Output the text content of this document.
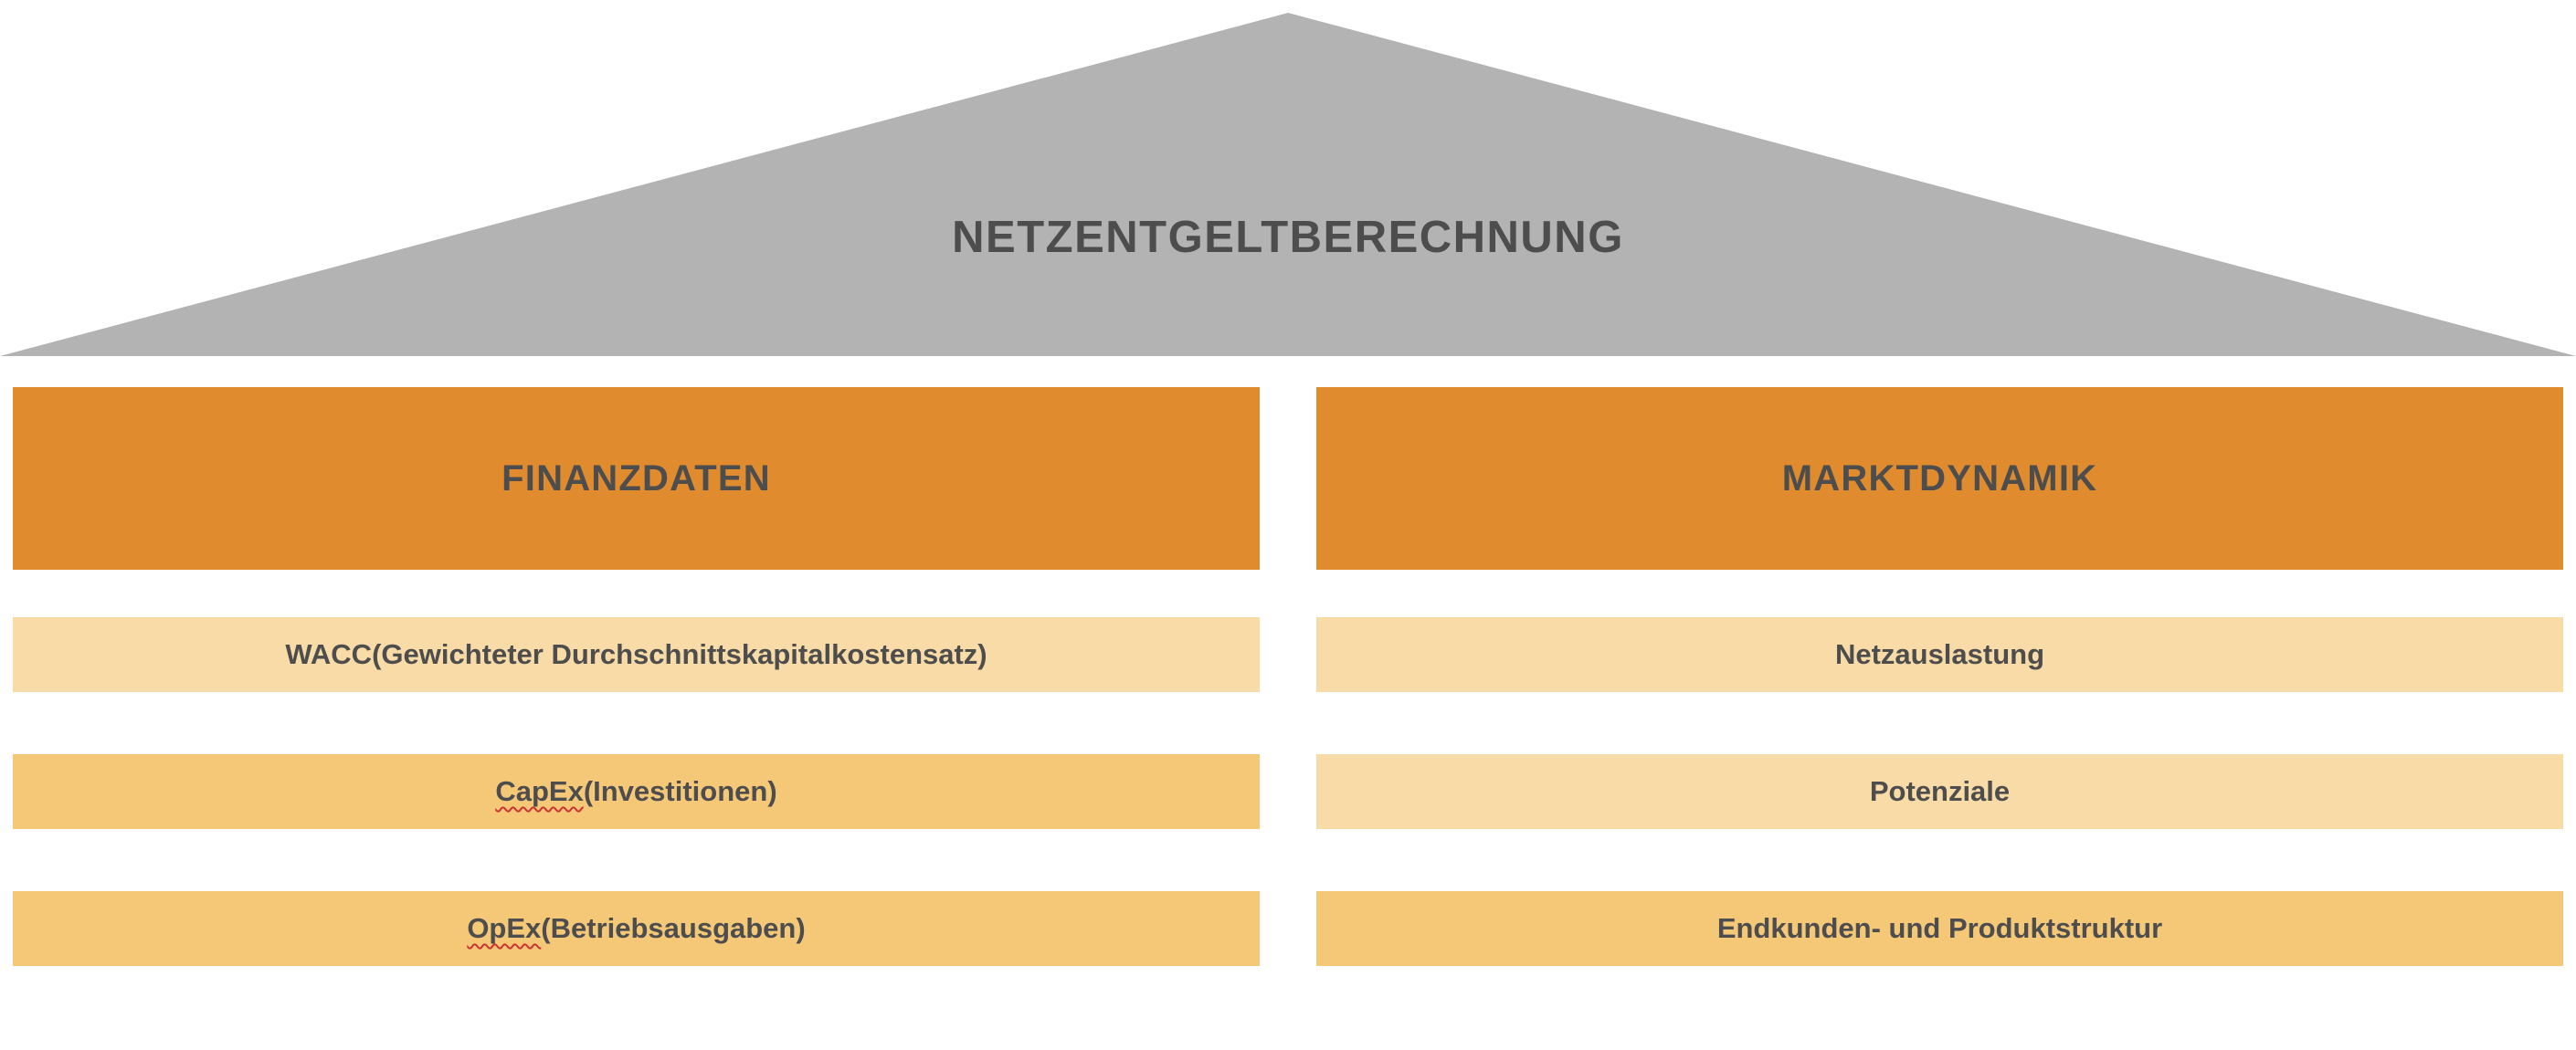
NETZENTGELTBERECHNUNG
FINANZDATEN
WACC (Gewichteter Durchschnittskapitalkostensatz)
CapEx (Investitionen)
OpEx (Betriebsausgaben)
MARKTDYNAMIK
Netzauslastung
Potenziale
Endkunden- und Produktstruktur
